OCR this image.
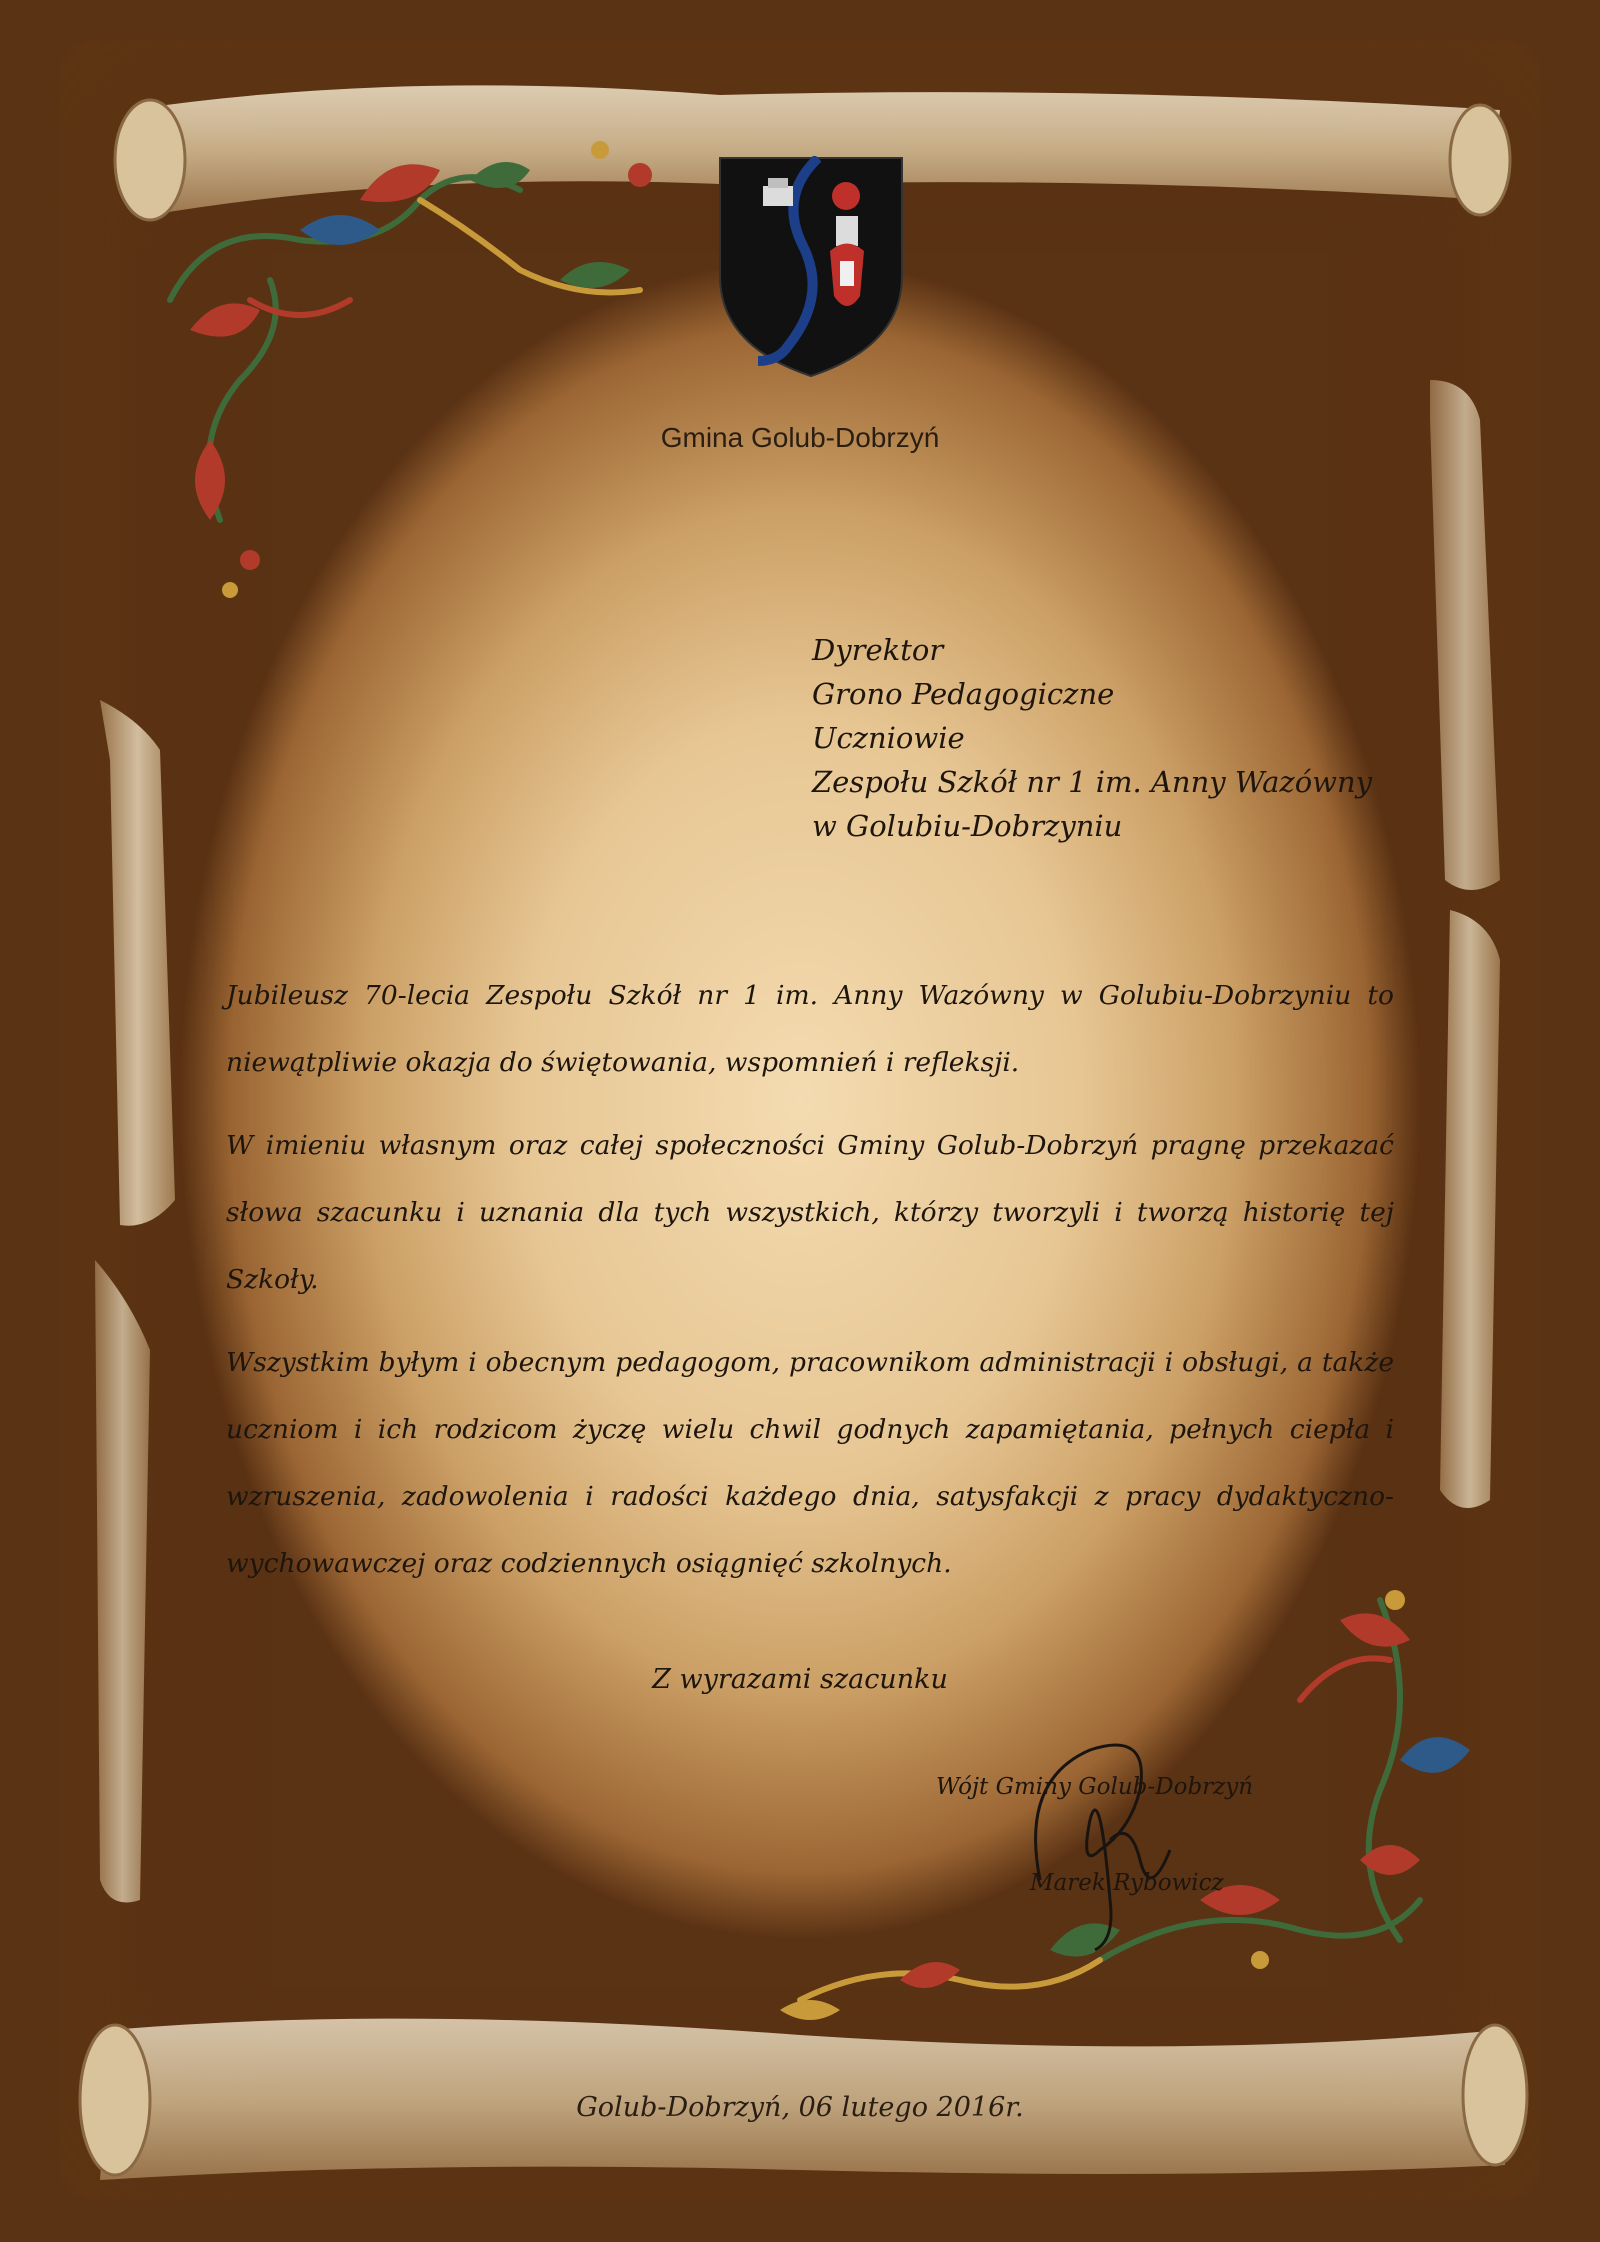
Gmina Golub-Dobrzyń
Dyrektor
Grono Pedagogiczne
Uczniowie
Zespołu Szkół nr 1 im. Anny Wazówny
w Golubiu-Dobrzyniu

Jubileusz 70-lecia Zespołu Szkół nr 1 im. Anny Wazówny w Golubiu-Dobrzyniu to niewątpliwie okazja do świętowania, wspomnień i refleksji.

W imieniu własnym oraz całej społeczności Gminy Golub-Dobrzyń pragnę przekazać słowa szacunku i uznania dla tych wszystkich, którzy tworzyli i tworzą historię tej Szkoły.

Wszystkim byłym i obecnym pedagogom, pracownikom administracji i obsługi, a także uczniom i ich rodzicom życzę wielu chwil godnych zapamiętania, pełnych ciepła i wzruszenia, zadowolenia i radości każdego dnia, satysfakcji z pracy dydaktyczno-wychowawczej oraz codziennych osiągnięć szkolnych.

Z wyrazami szacunku
Wójt Gminy Golub-Dobrzyń
Marek Rybowicz
Golub-Dobrzyń, 06 lutego 2016r.
